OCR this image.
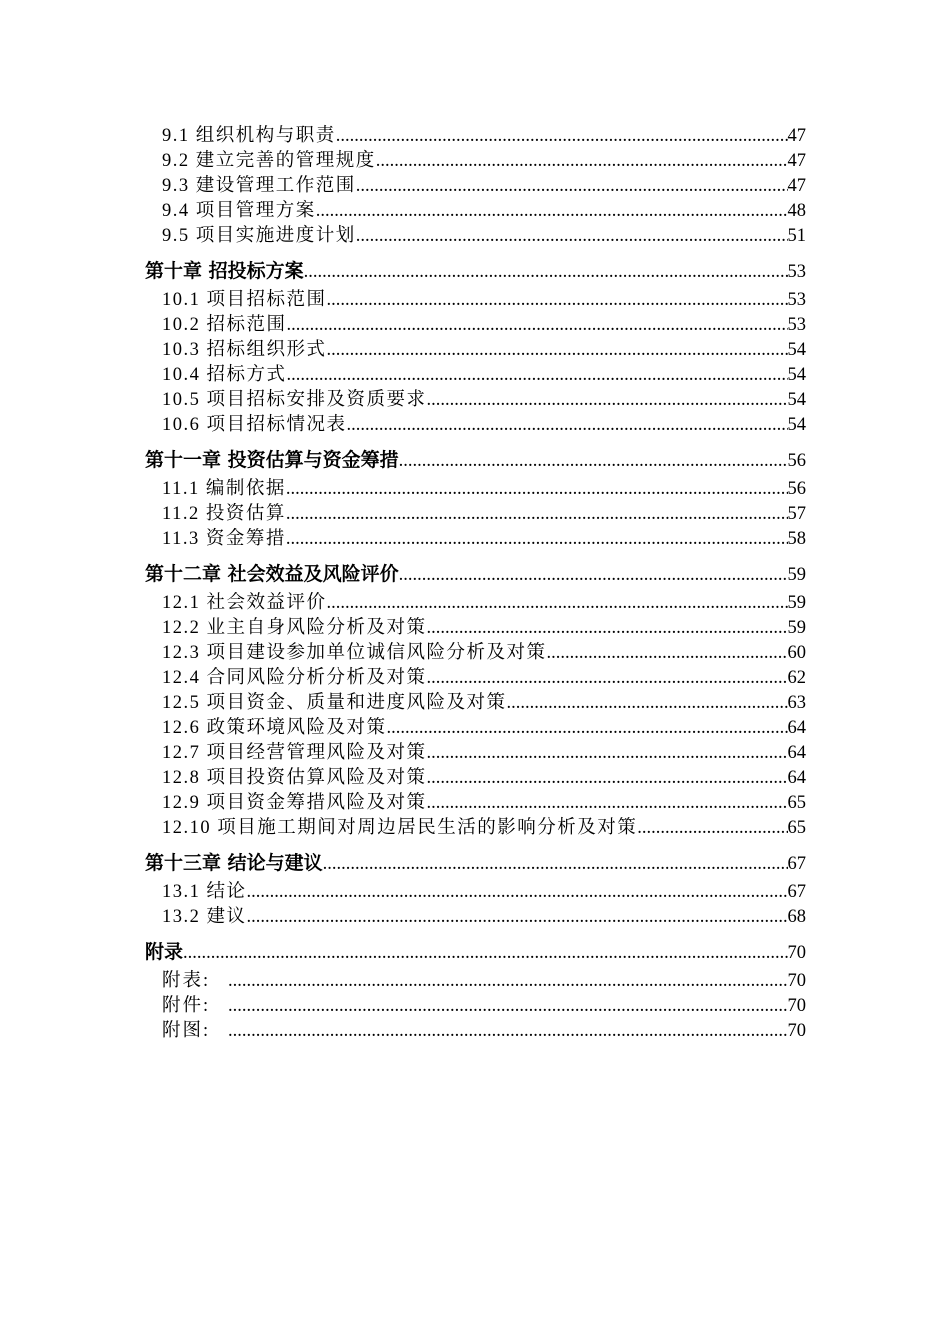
9.1 组织机构与职责 .....	47
9.2 建立完善的管理规度 .....	47
9.3 建设管理工作范围 .....	47
9.4 项目管理方案 .....	48
9.5 项目实施进度计划 .....	51
第十章 招投标方案 .....	53
10.1 项目招标范围 .....	53
10.2 招标范围 .....	53
10.3 招标组织形式 .....	54
10.4 招标方式 .....	54
10.5 项目招标安排及资质要求 .....	54
10.6 项目招标情况表 .....	54
第十一章 投资估算与资金筹措 .....	56
11.1 编制依据 .....	56
11.2 投资估算 .....	57
11.3 资金筹措 .....	58
第十二章 社会效益及风险评价 .....	59
12.1 社会效益评价 .....	59
12.2 业主自身风险分析及对策 .....	59
12.3 项目建设参加单位诚信风险分析及对策 .....	60
12.4 合同风险分析分析及对策 .....	62
12.5 项目资金、质量和进度风险及对策 .....	63
12.6 政策环境风险及对策 .....	64
12.7 项目经营管理风险及对策 .....	64
12.8 项目投资估算风险及对策 .....	64
12.9 项目资金筹措风险及对策 .....	65
12.10 项目施工期间对周边居民生活的影响分析及对策 .....	65
第十三章 结论与建议 .....	67
13.1 结论 .....	67
13.2 建议 .....	68
附录 .....	70
附表: .....	70
附件: .....	70
附图: .....	70
